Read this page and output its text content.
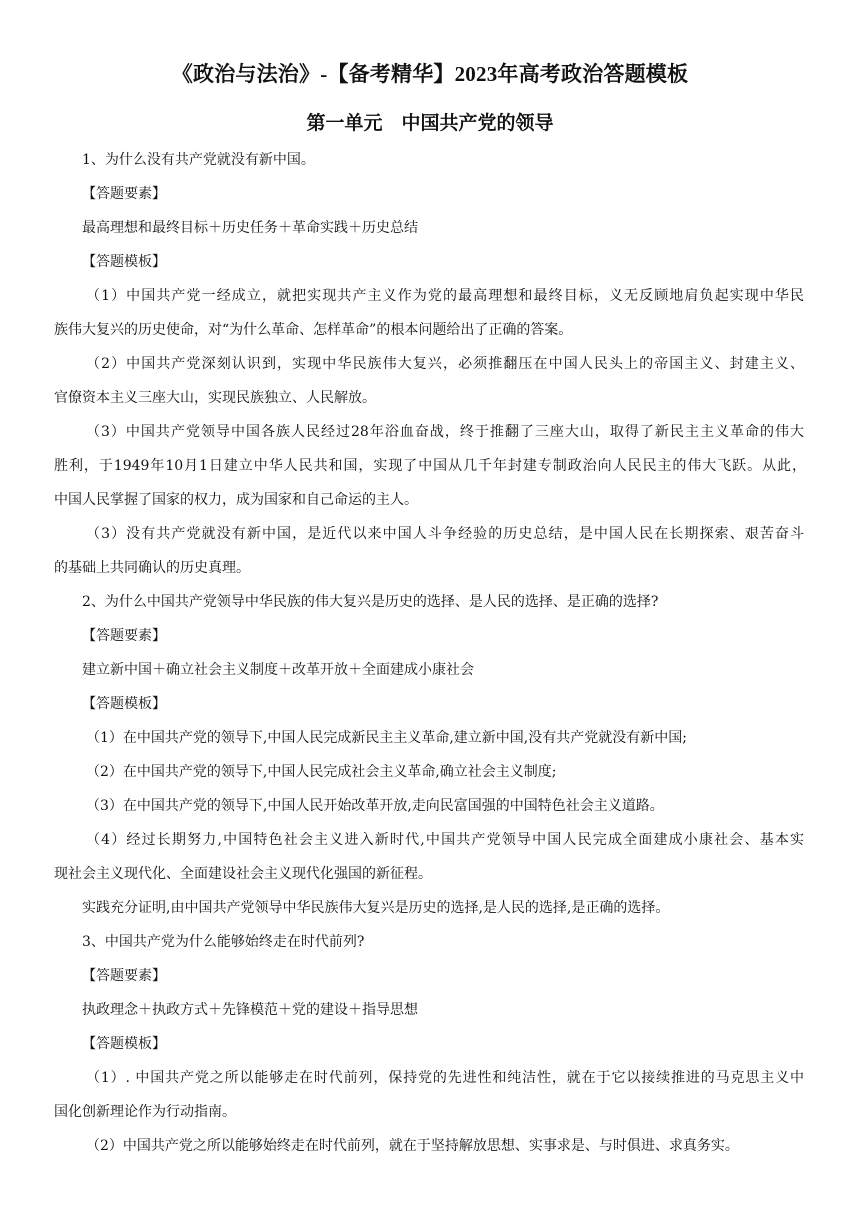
《政治与法治》-【备考精华】2023年高考政治答题模板
第一单元　中国共产党的领导
1、为什么没有共产党就没有新中国。
【答题要素】
最高理想和最终目标＋历史任务＋革命实践＋历史总结
【答题模板】
（1）中国共产党一经成立，就把实现共产主义作为党的最高理想和最终目标，义无反顾地肩负起实现中华民
族伟大复兴的历史使命，对“为什么革命、怎样革命”的根本问题给出了正确的答案。
（2）中国共产党深刻认识到，实现中华民族伟大复兴，必须推翻压在中国人民头上的帝国主义、封建主义、
官僚资本主义三座大山，实现民族独立、人民解放。
（3）中国共产党领导中国各族人民经过28年浴血奋战，终于推翻了三座大山，取得了新民主主义革命的伟大
胜利，于1949年10月1日建立中华人民共和国，实现了中国从几千年封建专制政治向人民民主的伟大飞跃。从此，
中国人民掌握了国家的权力，成为国家和自己命运的主人。
（3）没有共产党就没有新中国，是近代以来中国人斗争经验的历史总结，是中国人民在长期探索、艰苦奋斗
的基础上共同确认的历史真理。
2、为什么中国共产党领导中华民族的伟大复兴是历史的选择、是人民的选择、是正确的选择?
【答题要素】
建立新中国＋确立社会主义制度＋改革开放＋全面建成小康社会
【答题模板】
（1）在中国共产党的领导下,中国人民完成新民主主义革命,建立新中国,没有共产党就没有新中国;
（2）在中国共产党的领导下,中国人民完成社会主义革命,确立社会主义制度;
（3）在中国共产党的领导下,中国人民开始改革开放,走向民富国强的中国特色社会主义道路。
（4）经过长期努力,中国特色社会主义进入新时代,中国共产党领导中国人民完成全面建成小康社会、基本实
现社会主义现代化、全面建设社会主义现代化强国的新征程。
实践充分证明,由中国共产党领导中华民族伟大复兴是历史的选择,是人民的选择,是正确的选择。
3、中国共产党为什么能够始终走在时代前列?
【答题要素】
执政理念＋执政方式＋先锋模范＋党的建设＋指导思想
【答题模板】
（1）. 中国共产党之所以能够走在时代前列，保持党的先进性和纯洁性，就在于它以接续推进的马克思主义中
国化创新理论作为行动指南。
（2）中国共产党之所以能够始终走在时代前列，就在于坚持解放思想、实事求是、与时俱进、求真务实。
